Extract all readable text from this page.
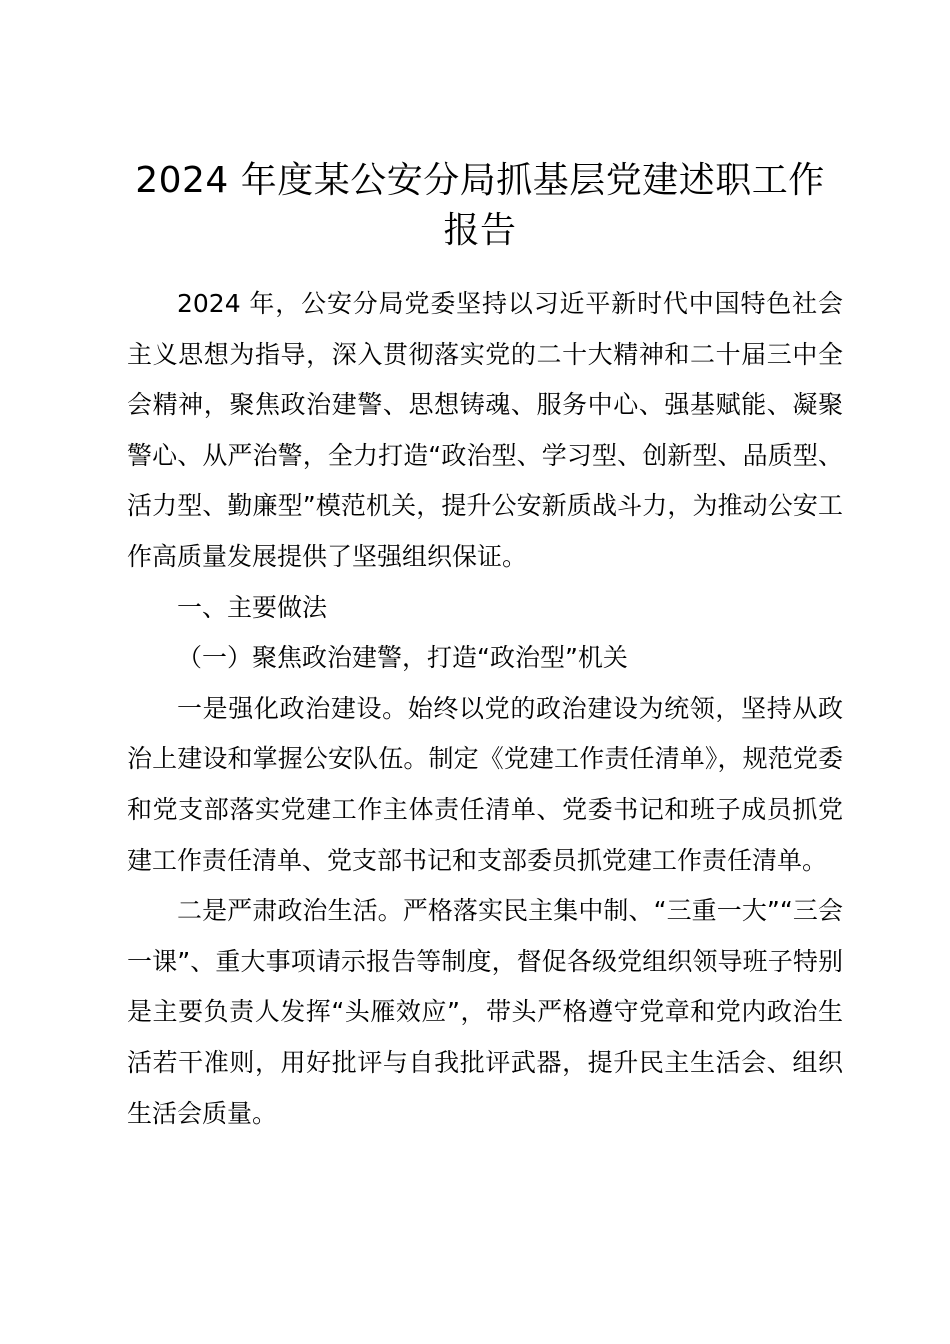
2024 年度某公安分局抓基层党建述职工作报告

2024 年，公安分局党委坚持以习近平新时代中国特色社会主义思想为指导，深入贯彻落实党的二十大精神和二十届三中全会精神，聚焦政治建警、思想铸魂、服务中心、强基赋能、凝聚警心、从严治警，全力打造“政治型、学习型、创新型、品质型、活力型、勤廉型”模范机关，提升公安新质战斗力，为推动公安工作高质量发展提供了坚强组织保证。

一、主要做法

（一）聚焦政治建警，打造“政治型”机关

一是强化政治建设。始终以党的政治建设为统领，坚持从政治上建设和掌握公安队伍。制定《党建工作责任清单》，规范党委和党支部落实党建工作主体责任清单、党委书记和班子成员抓党建工作责任清单、党支部书记和支部委员抓党建工作责任清单。

二是严肃政治生活。严格落实民主集中制、“三重一大”“三会一课”、重大事项请示报告等制度，督促各级党组织领导班子特别是主要负责人发挥“头雁效应”，带头严格遵守党章和党内政治生活若干准则，用好批评与自我批评武器，提升民主生活会、组织生活会质量。
